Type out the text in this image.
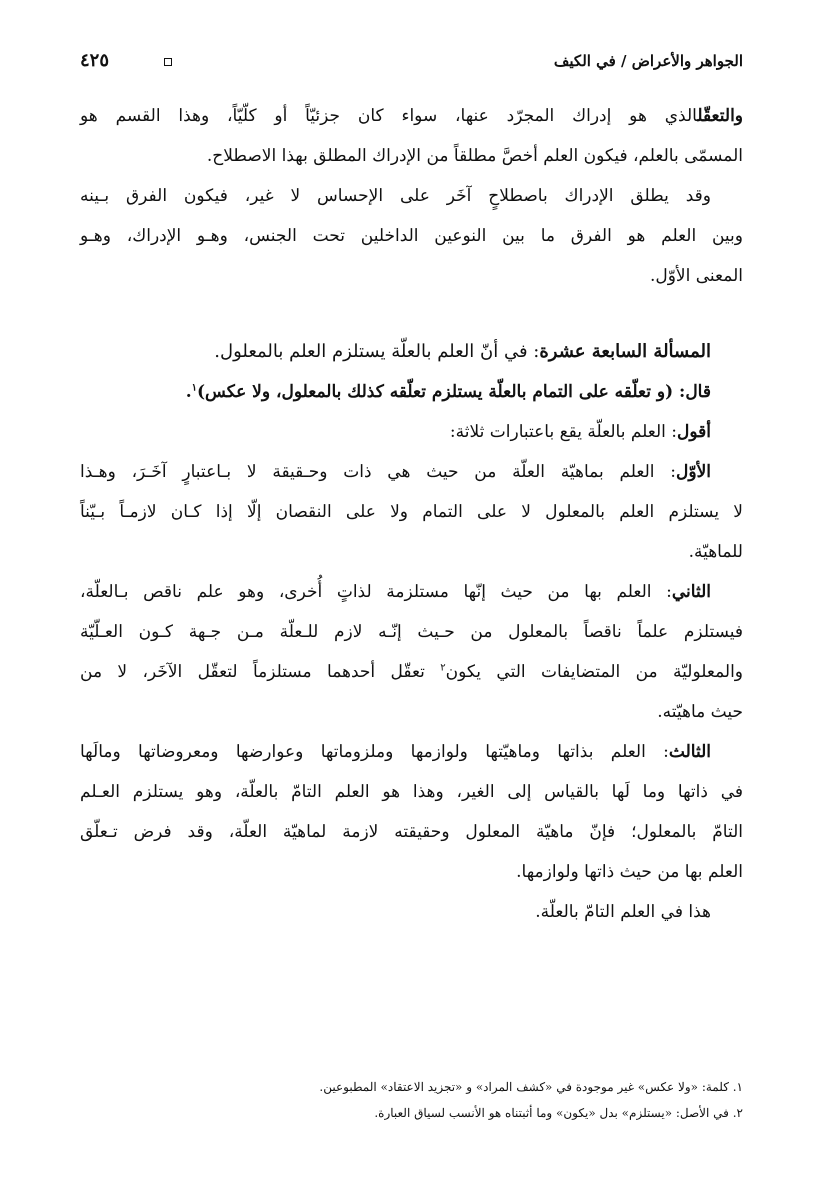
الجواهر والأعراض / في الكيف
٤٢٥
والتعقّلالذي هو إدراك المجرّد عنها، سواء كان جزئيّاً أو كلّيّاً، وهذا القسم هو
المسمّى بالعلم، فيكون العلم أخصَّ مطلقاً من الإدراك المطلق بهذا الاصطلاح.
وقد يطلق الإدراك باصطلاحٍ آخَر على الإحساس لا غير، فيكون الفرق بـينه
وبين العلم هو الفرق ما بين النوعين الداخلين تحت الجنس، وهـو الإدراك، وهـو
المعنى الأوّل.
المسألة السابعة عشرة: في أنّ العلم بالعلّة يستلزم العلم بالمعلول.
قال: (و تعلّقه على التمام بالعلّة يستلزم تعلّقه كذلك بالمعلول، ولا عكس)$^١$.
أقول: العلم بالعلّة يقع باعتبارات ثلاثة:
الأوّل: العلم بماهيّة العلّة من حيث هي ذات وحـقيقة لا بـاعتبارٍ آخَـرَ، وهـذا
لا يستلزم العلم بالمعلول لا على التمام ولا على النقصان إلّا إذا كـان لازمـاً بـيّناً
للماهيّة.
الثاني: العلم بها من حيث إنّها مستلزمة لذاتٍ أُخرى، وهو علم ناقص بـالعلّة،
فيستلزم علماً ناقصاً بالمعلول من حـيث إنّـه لازم للـعلّة مـن جـهة كـون العـلّيّة
والمعلوليّة من المتضايفات التي يكون$^٢$ تعقّل أحدهما مستلزماً لتعقّل الآخَر، لا من
حيث ماهيّته.
الثالث: العلم بذاتها وماهيّتها ولوازمها وملزوماتها وعوارضها ومعروضاتها ومالَها
في ذاتها وما لَها بالقياس إلى الغير، وهذا هو العلم التامّ بالعلّة، وهو يستلزم العـلم
التامّ بالمعلول؛ فإنّ ماهيّة المعلول وحقيقته لازمة لماهيّة العلّة، وقد فرض تـعلّق
العلم بها من حيث ذاتها ولوازمها.
هذا في العلم التامّ بالعلّة.
١. كلمة: «ولا عكس» غير موجودة في «كشف المراد» و «تجزيد الاعتقاد» المطبوعين.
٢. في الأصل: «يستلزم» بدل «يكون» وما أثبتناه هو الأنسب لسياق العبارة.
